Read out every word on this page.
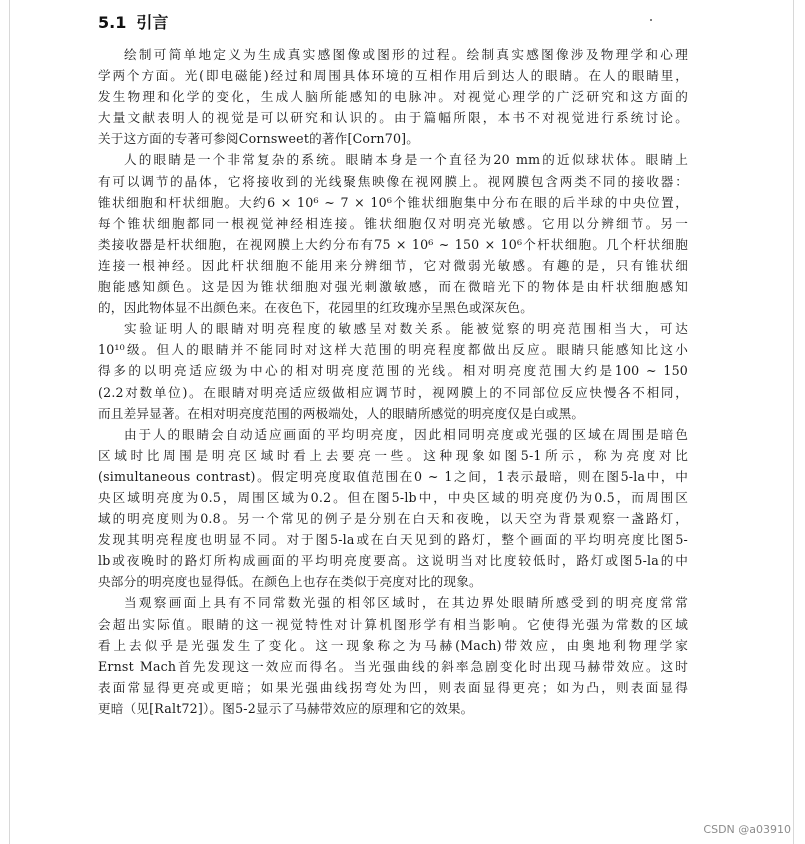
5.1 引言
绘制可简单地定义为生成真实感图像或图形的过程。绘制真实感图像涉及物理学和心理
学两个方面。光(即电磁能)经过和周围具体环境的互相作用后到达人的眼睛。在人的眼睛里，
发生物理和化学的变化，生成人脑所能感知的电脉冲。对视觉心理学的广泛研究和这方面的
大量文献表明人的视觉是可以研究和认识的。由于篇幅所限，本书不对视觉进行系统讨论。
关于这方面的专著可参阅Cornsweet的著作[Corn70]。
人的眼睛是一个非常复杂的系统。眼睛本身是一个直径为20 mm的近似球状体。眼睛上
有可以调节的晶体，它将接收到的光线聚焦映像在视网膜上。视网膜包含两类不同的接收器：
锥状细胞和杆状细胞。大约6 × 10⁶ ~ 7 × 10⁶个锥状细胞集中分布在眼的后半球的中央位置，
每个锥状细胞都同一根视觉神经相连接。锥状细胞仅对明亮光敏感。它用以分辨细节。另一
类接收器是杆状细胞，在视网膜上大约分布有75 × 10⁶ ~ 150 × 10⁶个杆状细胞。几个杆状细胞
连接一根神经。因此杆状细胞不能用来分辨细节，它对微弱光敏感。有趣的是，只有锥状细
胞能感知颜色。这是因为锥状细胞对强光刺激敏感，而在微暗光下的物体是由杆状细胞感知
的，因此物体显不出颜色来。在夜色下，花园里的红玫瑰亦呈黑色或深灰色。
实验证明人的眼睛对明亮程度的敏感呈对数关系。能被觉察的明亮范围相当大，可达
10¹⁰级。但人的眼睛并不能同时对这样大范围的明亮程度都做出反应。眼睛只能感知比这小
得多的以明亮适应级为中心的相对明亮度范围的光线。相对明亮度范围大约是100 ~ 150
(2.2对数单位)。在眼睛对明亮适应级做相应调节时，视网膜上的不同部位反应快慢各不相同，
而且差异显著。在相对明亮度范围的两极端处，人的眼睛所感觉的明亮度仅是白或黑。
由于人的眼睛会自动适应画面的平均明亮度，因此相同明亮度或光强的区域在周围是暗色
区域时比周围是明亮区域时看上去要亮一些。这种现象如图5-1所示，称为亮度对比
(simultaneous contrast)。假定明亮度取值范围在0 ~ 1之间，1表示最暗，则在图5-la中，中
央区域明亮度为0.5，周围区域为0.2。但在图5-lb中，中央区域的明亮度仍为0.5，而周围区
域的明亮度则为0.8。另一个常见的例子是分别在白天和夜晚，以天空为背景观察一盏路灯，
发现其明亮程度也明显不同。对于图5-la或在白天见到的路灯，整个画面的平均明亮度比图5-
lb或夜晚时的路灯所构成画面的平均明亮度要高。这说明当对比度较低时，路灯或图5-la的中
央部分的明亮度也显得低。在颜色上也存在类似于亮度对比的现象。
当观察画面上具有不同常数光强的相邻区域时，在其边界处眼睛所感受到的明亮度常常
会超出实际值。眼睛的这一视觉特性对计算机图形学有相当影响。它使得光强为常数的区域
看上去似乎是光强发生了变化。这一现象称之为马赫(Mach)带效应，由奥地利物理学家
Ernst Mach首先发现这一效应而得名。当光强曲线的斜率急剧变化时出现马赫带效应。这时
表面常显得更亮或更暗；如果光强曲线拐弯处为凹，则表面显得更亮；如为凸，则表面显得
更暗（见[Ralt72]）。图5-2显示了马赫带效应的原理和它的效果。
CSDN @a03910
